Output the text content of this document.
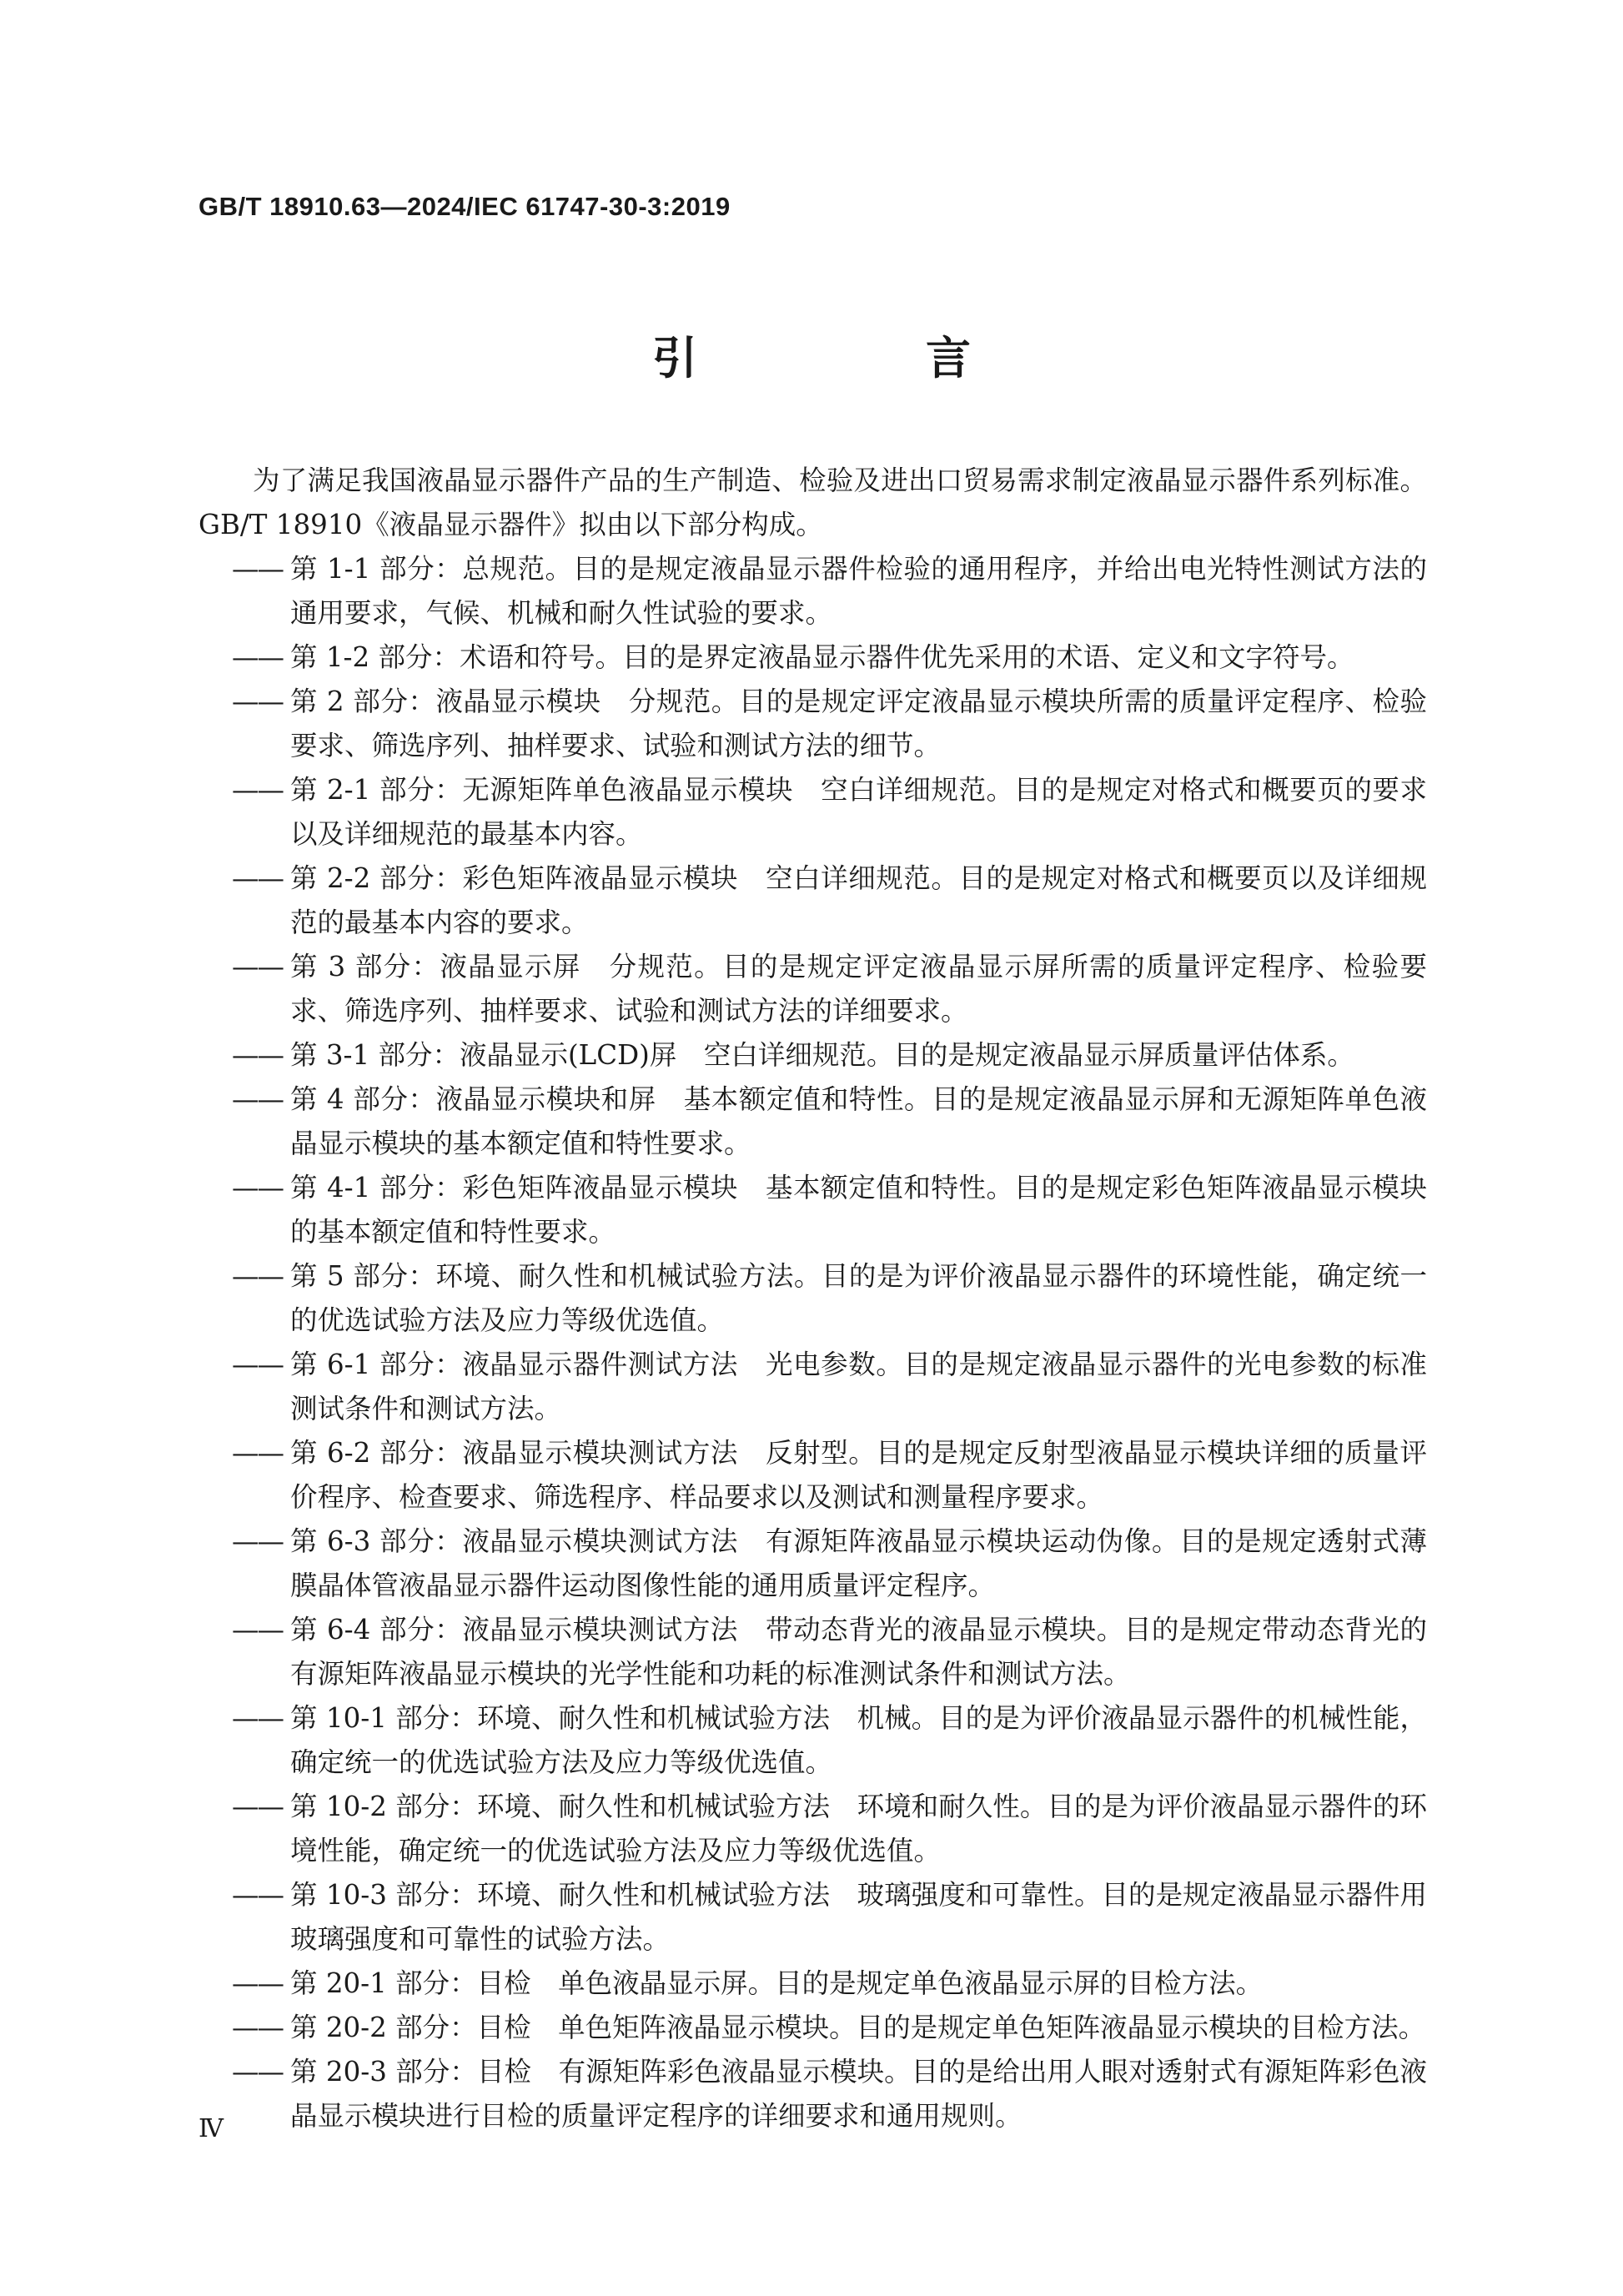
GB/T 18910.63—2024/IEC 61747-30-3:2019
引　言

为了满足我国液晶显示器件产品的生产制造、检验及进出口贸易需求制定液晶显示器件系列标准。GB/T 18910《液晶显示器件》拟由以下部分构成。

—— 第 1-1 部分：总规范。目的是规定液晶显示器件检验的通用程序，并给出电光特性测试方法的通用要求，气候、机械和耐久性试验的要求。
—— 第 1-2 部分：术语和符号。目的是界定液晶显示器件优先采用的术语、定义和文字符号。
—— 第 2 部分：液晶显示模块　分规范。目的是规定评定液晶显示模块所需的质量评定程序、检验要求、筛选序列、抽样要求、试验和测试方法的细节。
—— 第 2-1 部分：无源矩阵单色液晶显示模块　空白详细规范。目的是规定对格式和概要页的要求以及详细规范的最基本内容。
—— 第 2-2 部分：彩色矩阵液晶显示模块　空白详细规范。目的是规定对格式和概要页以及详细规范的最基本内容的要求。
—— 第 3 部分：液晶显示屏　分规范。目的是规定评定液晶显示屏所需的质量评定程序、检验要求、筛选序列、抽样要求、试验和测试方法的详细要求。
—— 第 3-1 部分：液晶显示(LCD)屏　空白详细规范。目的是规定液晶显示屏质量评估体系。
—— 第 4 部分：液晶显示模块和屏　基本额定值和特性。目的是规定液晶显示屏和无源矩阵单色液晶显示模块的基本额定值和特性要求。
—— 第 4-1 部分：彩色矩阵液晶显示模块　基本额定值和特性。目的是规定彩色矩阵液晶显示模块的基本额定值和特性要求。
—— 第 5 部分：环境、耐久性和机械试验方法。目的是为评价液晶显示器件的环境性能，确定统一的优选试验方法及应力等级优选值。
—— 第 6-1 部分：液晶显示器件测试方法　光电参数。目的是规定液晶显示器件的光电参数的标准测试条件和测试方法。
—— 第 6-2 部分：液晶显示模块测试方法　反射型。目的是规定反射型液晶显示模块详细的质量评价程序、检查要求、筛选程序、样品要求以及测试和测量程序要求。
—— 第 6-3 部分：液晶显示模块测试方法　有源矩阵液晶显示模块运动伪像。目的是规定透射式薄膜晶体管液晶显示器件运动图像性能的通用质量评定程序。
—— 第 6-4 部分：液晶显示模块测试方法　带动态背光的液晶显示模块。目的是规定带动态背光的有源矩阵液晶显示模块的光学性能和功耗的标准测试条件和测试方法。
—— 第 10-1 部分：环境、耐久性和机械试验方法　机械。目的是为评价液晶显示器件的机械性能，确定统一的优选试验方法及应力等级优选值。
—— 第 10-2 部分：环境、耐久性和机械试验方法　环境和耐久性。目的是为评价液晶显示器件的环境性能，确定统一的优选试验方法及应力等级优选值。
—— 第 10-3 部分：环境、耐久性和机械试验方法　玻璃强度和可靠性。目的是规定液晶显示器件用玻璃强度和可靠性的试验方法。
—— 第 20-1 部分：目检　单色液晶显示屏。目的是规定单色液晶显示屏的目检方法。
—— 第 20-2 部分：目检　单色矩阵液晶显示模块。目的是规定单色矩阵液晶显示模块的目检方法。
—— 第 20-3 部分：目检　有源矩阵彩色液晶显示模块。目的是给出用人眼对透射式有源矩阵彩色液晶显示模块进行目检的质量评定程序的详细要求和通用规则。
Ⅳ
